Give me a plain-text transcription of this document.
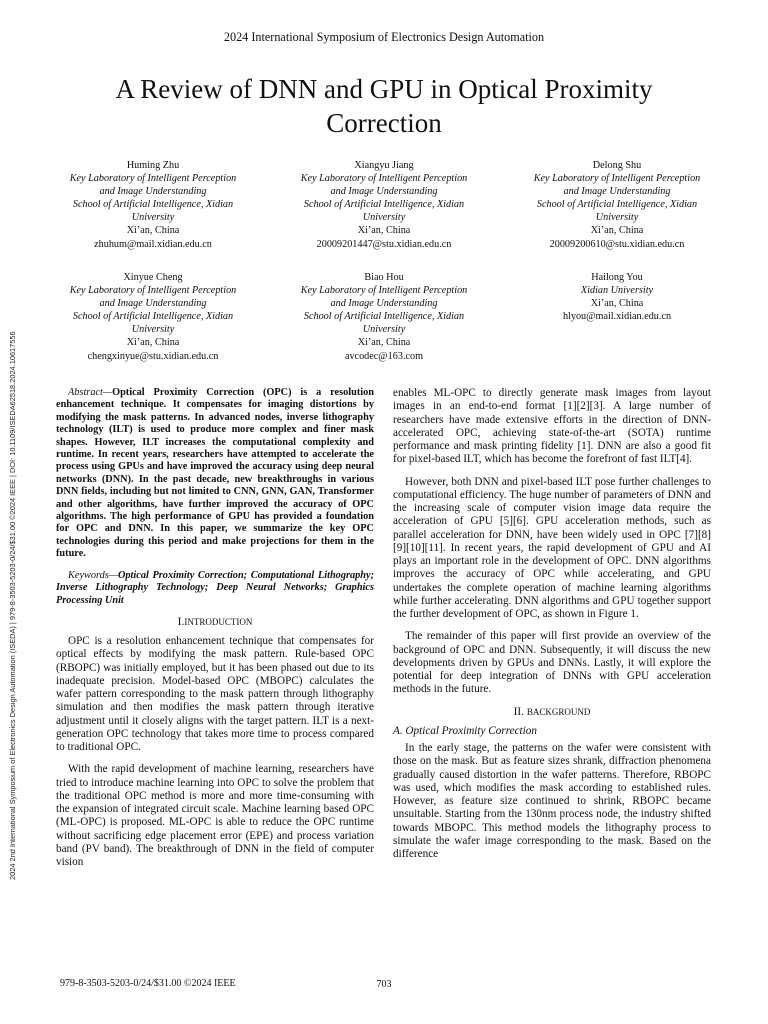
2024 International Symposium of Electronics Design Automation
A Review of DNN and GPU in Optical Proximity
Correction
Huming Zhu
Key Laboratory of Intelligent Perception
and Image Understanding
School of Artificial Intelligence, Xidian
University
Xi’an, China
zhuhum@mail.xidian.edu.cn
Xiangyu Jiang
Key Laboratory of Intelligent Perception
and Image Understanding
School of Artificial Intelligence, Xidian
University
Xi’an, China
20009201447@stu.xidian.edu.cn
Delong Shu
Key Laboratory of Intelligent Perception
and Image Understanding
School of Artificial Intelligence, Xidian
University
Xi’an, China
20009200610@stu.xidian.edu.cn
Xinyue Cheng
Key Laboratory of Intelligent Perception
and Image Understanding
School of Artificial Intelligence, Xidian
University
Xi’an, China
chengxinyue@stu.xidian.edu.cn
Biao Hou
Key Laboratory of Intelligent Perception
and Image Understanding
School of Artificial Intelligence, Xidian
University
Xi’an, China
avcodec@163.com
Hailong You
Xidian University
Xi’an, China
hlyou@mail.xidian.edu.cn
2024 2nd International Symposium of Electronics Design Automation (ISEDA) | 979-8-3503-5203-0/24/$31.00 ©2024 IEEE | DOI: 10.1109/ISEDA62518.2024.10617556	Abstract—Optical Proximity Correction (OPC) is a resolution enhancement technique. It compensates for imaging distortions by modifying the mask patterns. In advanced nodes, inverse lithography technology (ILT) is used to produce more complex and finer mask shapes. However, ILT increases the computational complexity and runtime. In recent years, researchers have attempted to accelerate the process using GPUs and have improved the accuracy using deep neural networks (DNN). In the past decade, new breakthroughs in various DNN fields, including but not limited to CNN, GNN, GAN, Transformer and other algorithms, have further improved the accuracy of OPC algorithms. The high performance of GPU has provided a foundation for OPC and DNN. In this paper, we summarize the key OPC technologies during this period and make projections for them in the future.

Keywords—Optical Proximity Correction; Computational Lithography; Inverse Lithography Technology; Deep Neural Networks; Graphics Processing Unit

I.INTRODUCTION

OPC is a resolution enhancement technique that compensates for optical effects by modifying the mask pattern. Rule-based OPC (RBOPC) was initially employed, but it has been phased out due to its inadequate precision. Model-based OPC (MBOPC) calculates the wafer pattern corresponding to the mask pattern through lithography simulation and then modifies the mask pattern through iterative adjustment until it closely aligns with the target pattern. ILT is a next-generation OPC technology that takes more time to process compared to traditional OPC.

With the rapid development of machine learning, researchers have tried to introduce machine learning into OPC to solve the problem that the traditional OPC method is more and more time-consuming with the expansion of integrated circuit scale. Machine learning based OPC (ML-OPC) is proposed. ML-OPC is able to reduce the OPC runtime without sacrificing edge placement error (EPE) and process variation band (PV band). The breakthrough of DNN in the field of computer vision

enables ML-OPC to directly generate mask images from layout images in an end-to-end format [1][2][3]. A large number of researchers have made extensive efforts in the direction of DNN-accelerated OPC, achieving state-of-the-art (SOTA) runtime performance and mask printing fidelity [1]. DNN are also a good fit for pixel-based ILT, which has become the forefront of fast ILT[4].

However, both DNN and pixel-based ILT pose further challenges to computational efficiency. The huge number of parameters of DNN and the increasing scale of computer vision image data require the acceleration of GPU [5][6]. GPU acceleration methods, such as parallel acceleration for DNN, have been widely used in OPC [7][8][9][10][11]. In recent years, the rapid development of GPU and AI plays an important role in the development of OPC. DNN algorithms improves the accuracy of OPC while accelerating, and GPU undertakes the complete operation of machine learning algorithms while further accelerating. DNN algorithms and GPU together support the further development of OPC, as shown in Figure 1.

The remainder of this paper will first provide an overview of the background of OPC and DNN. Subsequently, it will discuss the new developments driven by GPUs and DNNs. Lastly, it will explore the potential for deep integration of DNNs with GPU acceleration methods in the future.

II. BACKGROUND

A. Optical Proximity Correction

In the early stage, the patterns on the wafer were consistent with those on the mask. But as feature sizes shrank, diffraction phenomena gradually caused distortion in the wafer patterns. Therefore, RBOPC was used, which modifies the mask according to established rules. However, as feature size continued to shrink, RBOPC became unsuitable. Starting from the 130nm process node, the industry shifted towards MBOPC. This method models the lithography process to simulate the wafer image corresponding to the mask. Based on the difference

979-8-3503-5203-0/24/$31.00 ©2024 IEEE	703
